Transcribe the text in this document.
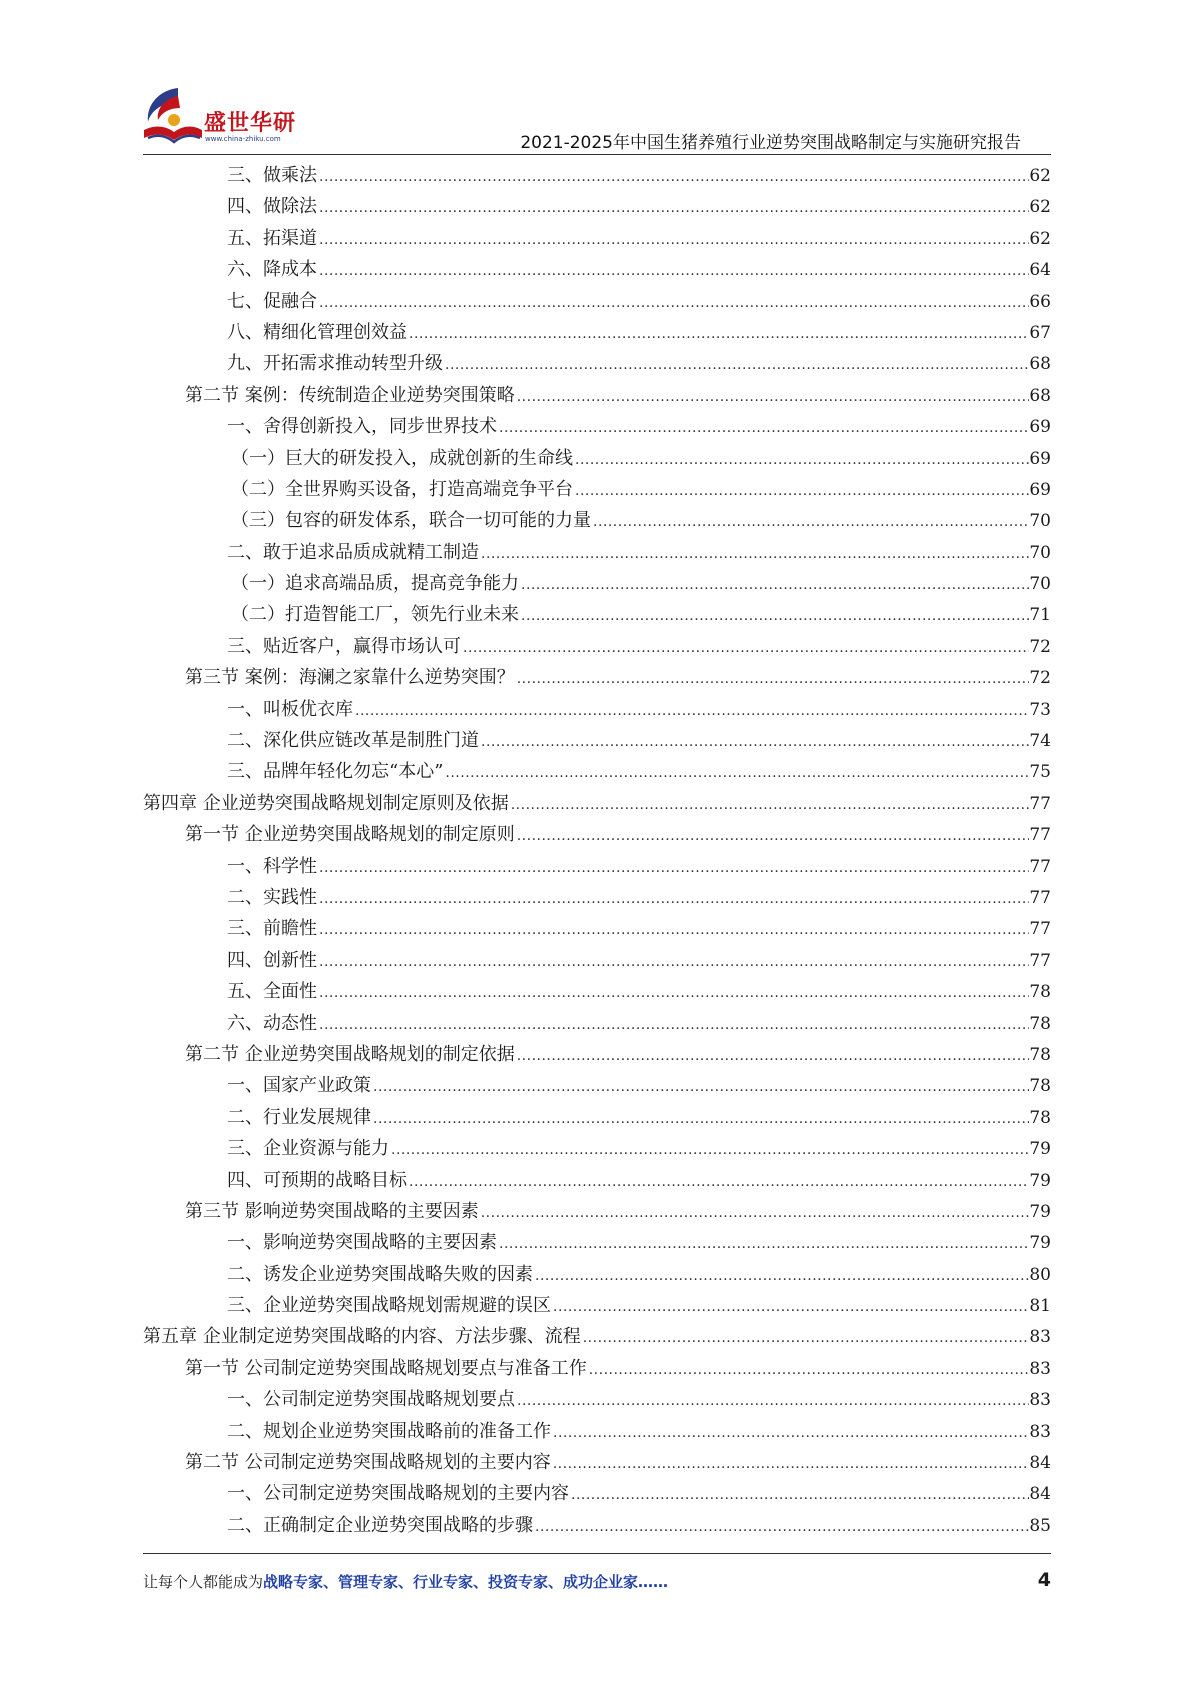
盛世华研
www.china-zhiku.com	2021-2025年中国生猪养殖行业逆势突围战略制定与实施研究报告
三、做乘法 .....	62
四、做除法 .....	62
五、拓渠道 .....	62
六、降成本 .....	64
七、促融合 .....	66
八、精细化管理创效益 .....	67
九、开拓需求推动转型升级 .....	68
第二节 案例：传统制造企业逆势突围策略 .....	68
一、舍得创新投入，同步世界技术 .....	69
（一）巨大的研发投入，成就创新的生命线 .....	69
（二）全世界购买设备，打造高端竞争平台 .....	69
（三）包容的研发体系，联合一切可能的力量 .....	70
二、敢于追求品质成就精工制造 .....	70
（一）追求高端品质，提高竞争能力 .....	70
（二）打造智能工厂，领先行业未来 .....	71
三、贴近客户，赢得市场认可 .....	72
第三节 案例：海澜之家靠什么逆势突围？ .....	72
一、叫板优衣库 .....	73
二、深化供应链改革是制胜门道 .....	74
三、品牌年轻化勿忘“本心” .....	75
第四章 企业逆势突围战略规划制定原则及依据 .....	77
第一节 企业逆势突围战略规划的制定原则 .....	77
一、科学性 .....	77
二、实践性 .....	77
三、前瞻性 .....	77
四、创新性 .....	77
五、全面性 .....	78
六、动态性 .....	78
第二节 企业逆势突围战略规划的制定依据 .....	78
一、国家产业政策 .....	78
二、行业发展规律 .....	78
三、企业资源与能力 .....	79
四、可预期的战略目标 .....	79
第三节 影响逆势突围战略的主要因素 .....	79
一、影响逆势突围战略的主要因素 .....	79
二、诱发企业逆势突围战略失败的因素 .....	80
三、企业逆势突围战略规划需规避的误区 .....	81
第五章 企业制定逆势突围战略的内容、方法步骤、流程 .....	83
第一节 公司制定逆势突围战略规划要点与准备工作 .....	83
一、公司制定逆势突围战略规划要点 .....	83
二、规划企业逆势突围战略前的准备工作 .....	83
第二节 公司制定逆势突围战略规划的主要内容 .....	84
一、公司制定逆势突围战略规划的主要内容 .....	84
二、正确制定企业逆势突围战略的步骤 .....	85
让每个人都能成为战略专家、管理专家、行业专家、投资专家、成功企业家……	4
